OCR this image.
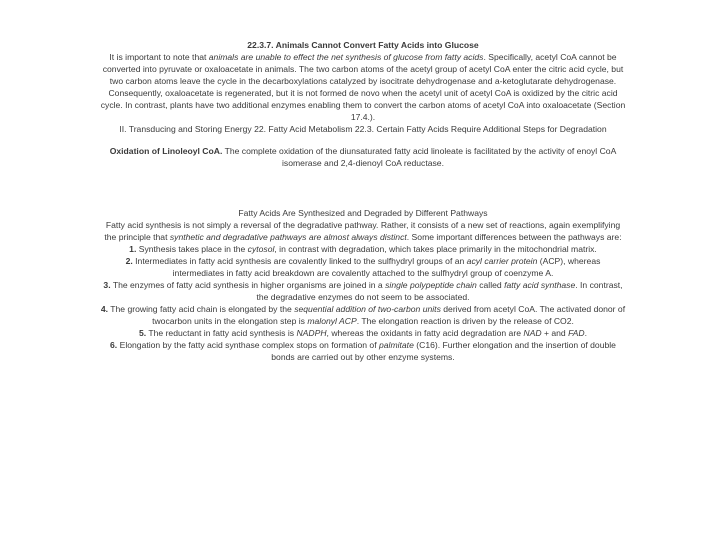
22.3.7. Animals Cannot Convert Fatty Acids into Glucose
It is important to note that animals are unable to effect the net synthesis of glucose from fatty acids. Specifically, acetyl CoA cannot be converted into pyruvate or oxaloacetate in animals. The two carbon atoms of the acetyl group of acetyl CoA enter the citric acid cycle, but two carbon atoms leave the cycle in the decarboxylations catalyzed by isocitrate dehydrogenase and a-ketoglutarate dehydrogenase. Consequently, oxaloacetate is regenerated, but it is not formed de novo when the acetyl unit of acetyl CoA is oxidized by the citric acid cycle. In contrast, plants have two additional enzymes enabling them to convert the carbon atoms of acetyl CoA into oxaloacetate (Section 17.4.).
II. Transducing and Storing Energy 22. Fatty Acid Metabolism 22.3. Certain Fatty Acids Require Additional Steps for Degradation
Oxidation of Linoleoyl CoA. The complete oxidation of the diunsaturated fatty acid linoleate is facilitated by the activity of enoyl CoA isomerase and 2,4-dienoyl CoA reductase.
Fatty Acids Are Synthesized and Degraded by Different Pathways
Fatty acid synthesis is not simply a reversal of the degradative pathway. Rather, it consists of a new set of reactions, again exemplifying the principle that synthetic and degradative pathways are almost always distinct. Some important differences between the pathways are:
1. Synthesis takes place in the cytosol, in contrast with degradation, which takes place primarily in the mitochondrial matrix.
2. Intermediates in fatty acid synthesis are covalently linked to the sulfhydryl groups of an acyl carrier protein (ACP), whereas intermediates in fatty acid breakdown are covalently attached to the sulfhydryl group of coenzyme A.
3. The enzymes of fatty acid synthesis in higher organisms are joined in a single polypeptide chain called fatty acid synthase. In contrast, the degradative enzymes do not seem to be associated.
4. The growing fatty acid chain is elongated by the sequential addition of two-carbon units derived from acetyl CoA. The activated donor of twocarbon units in the elongation step is malonyl ACP. The elongation reaction is driven by the release of CO2.
5. The reductant in fatty acid synthesis is NADPH, whereas the oxidants in fatty acid degradation are NAD + and FAD.
6. Elongation by the fatty acid synthase complex stops on formation of palmitate (C16). Further elongation and the insertion of double bonds are carried out by other enzyme systems.
